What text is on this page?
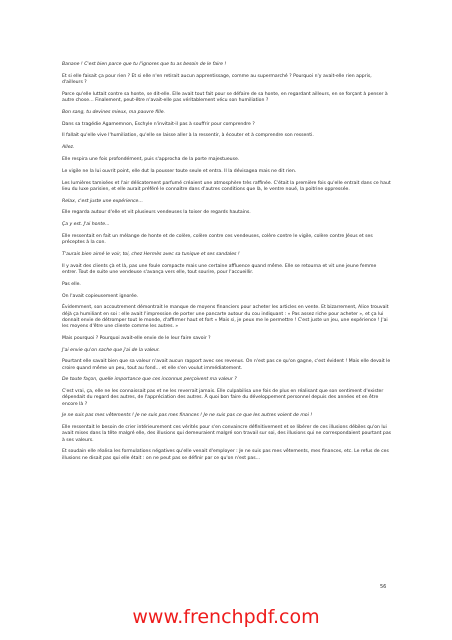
Banane ! C'est bien parce que tu l'ignores que tu as besoin de le faire !

Et si elle faisait ça pour rien ? Et si elle n'en retirait aucun apprentissage, comme au supermarché ? Pourquoi n'y avait-elle rien appris, d'ailleurs ?

Parce qu'elle luttait contre sa honte, se dit-elle. Elle avait tout fait pour se défaire de sa honte, en regardant ailleurs, en se forçant à penser à autre chose… Finalement, peut-être n'avait-elle pas véritablement vécu son humiliation ?

Bon sang, tu devines mieux, ma pauvre fille.

Dans sa tragédie Agamemnon, Eschyle n'invitait-il pas à souffrir pour comprendre ?

Il fallait qu'elle vive l'humiliation, qu'elle se laisse aller à la ressentir, à écouter et à comprendre son ressenti.

Allez.

Elle respira une fois profondément, puis s'approcha de la porte majestueuse.

Le vigile ne la lui ouvrit point, elle dut la pousser toute seule et entra. Il la dévisagea mais ne dit rien.

Les lumières tamisées et l'air délicatement parfumé créaient une atmosphère très raffinée. C'était la première fois qu'elle entrait dans ce haut lieu du luxe parisien, et elle aurait préféré le connaître dans d'autres conditions que là, le ventre noué, la poitrine oppressée.

Relax, c'est juste une expérience…

Elle regarda autour d'elle et vit plusieurs vendeuses la toiser de regards hautains.

Ça y est. J'ai honte…

Elle ressentait en fait un mélange de honte et de colère, colère contre ces vendeuses, colère contre le vigile, colère contre Jésus et ses préceptes à la con.

T'aurais bien aimé le voir, toi, chez Hermès avec sa tunique et ses sandales !

Il y avait des clients çà et là, pas une foule compacte mais une certaine affluence quand même. Elle se retourna et vit une jeune femme entrer. Tout de suite une vendeuse s'avança vers elle, tout sourire, pour l'accueillir.

Pas elle.

On l'avait copieusement ignorée.

Évidemment, son accoutrement démontrait le manque de moyens financiers pour acheter les articles en vente. Et bizarrement, Alice trouvait déjà ça humiliant en soi : elle avait l'impression de porter une pancarte autour du cou indiquant : « Pas assez riche pour acheter », et ça lui donnait envie de détromper tout le monde, d'affirmer haut et fort « Mais si, je peux me le permettre ! C'est juste un jeu, une expérience ! J'ai les moyens d'être une cliente comme les autres. »

Mais pourquoi ? Pourquoi avait-elle envie de le leur faire savoir ?

J'ai envie qu'on sache que j'ai de la valeur.

Pourtant elle savait bien que sa valeur n'avait aucun rapport avec ses revenus. On n'est pas ce qu'on gagne, c'est évident ! Mais elle devait le croire quand même un peu, tout au fond… et elle s'en voulut immédiatement.

De toute façon, quelle importance que ces inconnus perçoivent ma valeur ?

C'est vrai, ça, elle ne les connaissait pas et ne les reverrait jamais. Elle culpabilisa une fois de plus en réalisant que son sentiment d'exister dépendait du regard des autres, de l'appréciation des autres. À quoi bon faire du développement personnel depuis des années et en être encore là ?

Je ne suis pas mes vêtements ! Je ne suis pas mes finances ! Je ne suis pas ce que les autres voient de moi !

Elle ressentait le besoin de crier intérieurement ces vérités pour s'en convaincre définitivement et se libérer de ces illusions débiles qu'on lui avait mises dans la tête malgré elle, des illusions qui demeuraient malgré son travail sur soi, des illusions qui ne correspondaient pourtant pas à ses valeurs.

Et soudain elle réalisa les formulations négatives qu'elle venait d'employer : Je ne suis pas mes vêtements, mes finances, etc. Le refus de ces illusions ne disait pas qui elle était : on ne peut pas se définir par ce qu'on n'est pas…

56
www.frenchpdf.com
